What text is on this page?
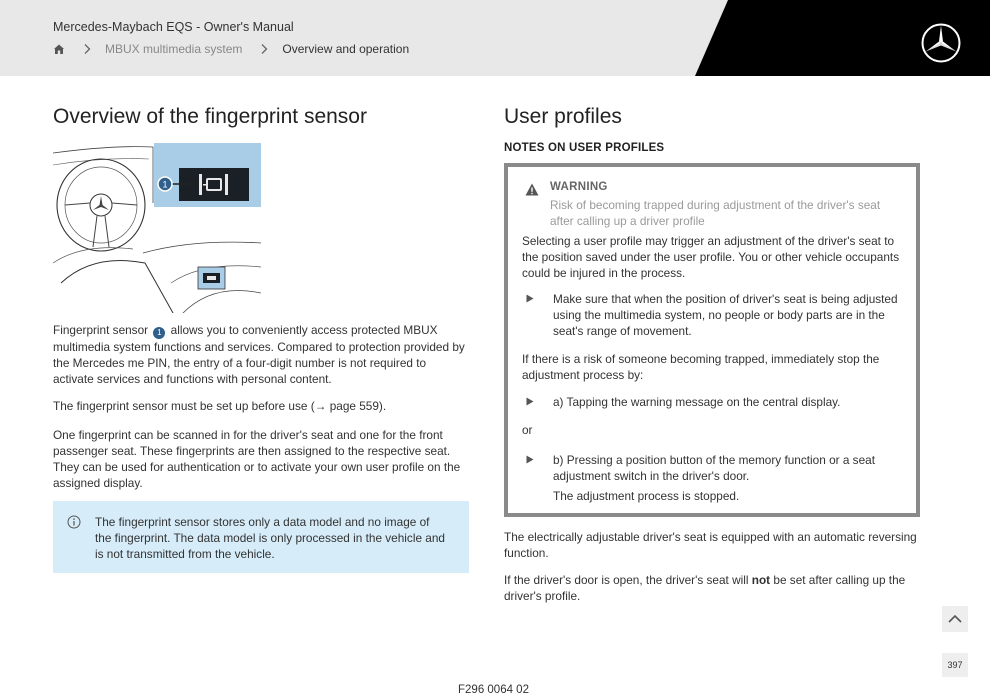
Mercedes-Maybach EQS - Owner's Manual
MBUX multimedia system	Overview and operation
Overview of the fingerprint sensor
1

Fingerprint sensor 1 allows you to conveniently access protected MBUX multimedia system functions and services. Compared to protection provided by the Mercedes me PIN, the entry of a four-digit number is not required to activate services and functions with personal content.

The fingerprint sensor must be set up before use (→ page 559).

One fingerprint can be scanned in for the driver's seat and one for the front passenger seat. These fingerprints are then assigned to the respective seat. They can be used for authentication or to activate your own user profile on the assigned display.

The fingerprint sensor stores only a data model and no image of the fingerprint. The data model is only processed in the vehicle and is not transmitted from the vehicle.

User profiles
NOTES ON USER PROFILES
WARNING

Risk of becoming trapped during adjustment of the driver's seat after calling up a driver profile

Selecting a user profile may trigger an adjustment of the driver's seat to the position saved under the user profile. You or other vehicle occupants could be injured in the process.

Make sure that when the position of driver's seat is being adjusted using the multimedia system, no people or body parts are in the seat's range of movement.

If there is a risk of someone becoming trapped, immediately stop the adjustment process by:

a) Tapping the warning message on the central display.

or

b) Pressing a position button of the memory function or a seat adjustment switch in the driver's door.

The adjustment process is stopped.

The electrically adjustable driver's seat is equipped with an automatic reversing function.

If the driver's door is open, the driver's seat will not be set after calling up the driver's profile.

397
F296 0064 02
